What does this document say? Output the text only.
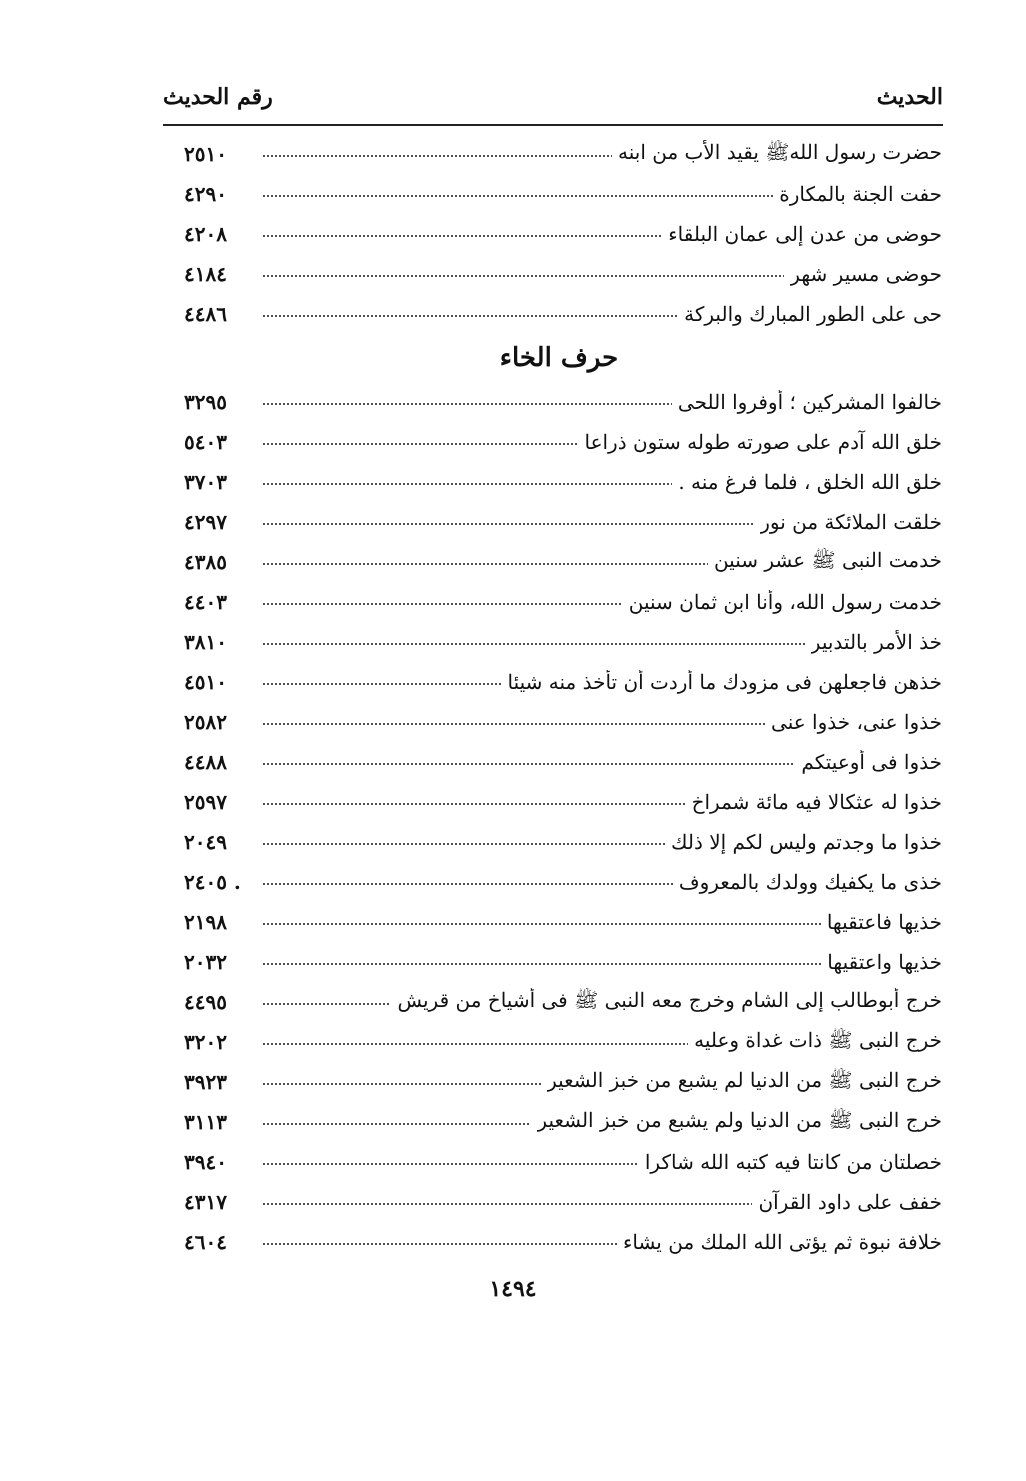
الحديث
رقم الحديث
٢٥١٠	حضرت رسول اللهﷺ يقيد الأب من ابنه
٤٢٩٠	حفت الجنة بالمكارة
٤٢٠٨	حوضى من عدن إلى عمان البلقاء
٤١٨٤	حوضى مسير شهر
٤٤٨٦	حى على الطور المبارك والبركة
حرف الخاء
٣٢٩٥	خالفوا المشركين ؛ أوفروا اللحى
٥٤٠٣	خلق الله آدم على صورته طوله ستون ذراعا
٣٧٠٣	خلق الله الخلق ، فلما فرغ منه .
٤٢٩٧	خلقت الملائكة من نور
٤٣٨٥	خدمت النبى ﷺ عشر سنين
٤٤٠٣	خدمت رسول الله، وأنا ابن ثمان سنين
٣٨١٠	خذ الأمر بالتدبير
٤٥١٠	خذهن فاجعلهن فى مزودك ما أردت أن تأخذ منه شيئا
٢٥٨٢	خذوا عنى، خذوا عنى
٤٤٨٨	خذوا فى أوعيتكم
٢٥٩٧	خذوا له عثكالا فيه مائة شمراخ
٢٠٤٩	خذوا ما وجدتم وليس لكم إلا ذلك
٢٤٠٥ .	خذى ما يكفيك وولدك بالمعروف
٢١٩٨	خذيها فاعتقيها
٢٠٣٢	خذيها واعتقيها
٤٤٩٥	خرج أبوطالب إلى الشام وخرج معه النبى ﷺ فى أشياخ من قريش
٣٢٠٢	خرج النبى ﷺ ذات غداة وعليه
٣٩٢٣	خرج النبى ﷺ من الدنيا لم يشبع من خبز الشعير
٣١١٣	خرج النبى ﷺ من الدنيا ولم يشبع من خبز الشعير
٣٩٤٠	خصلتان من كانتا فيه كتبه الله شاكرا
٤٣١٧	خفف على داود القرآن
٤٦٠٤	خلافة نبوة ثم يؤتى الله الملك من يشاء
١٤٩٤
